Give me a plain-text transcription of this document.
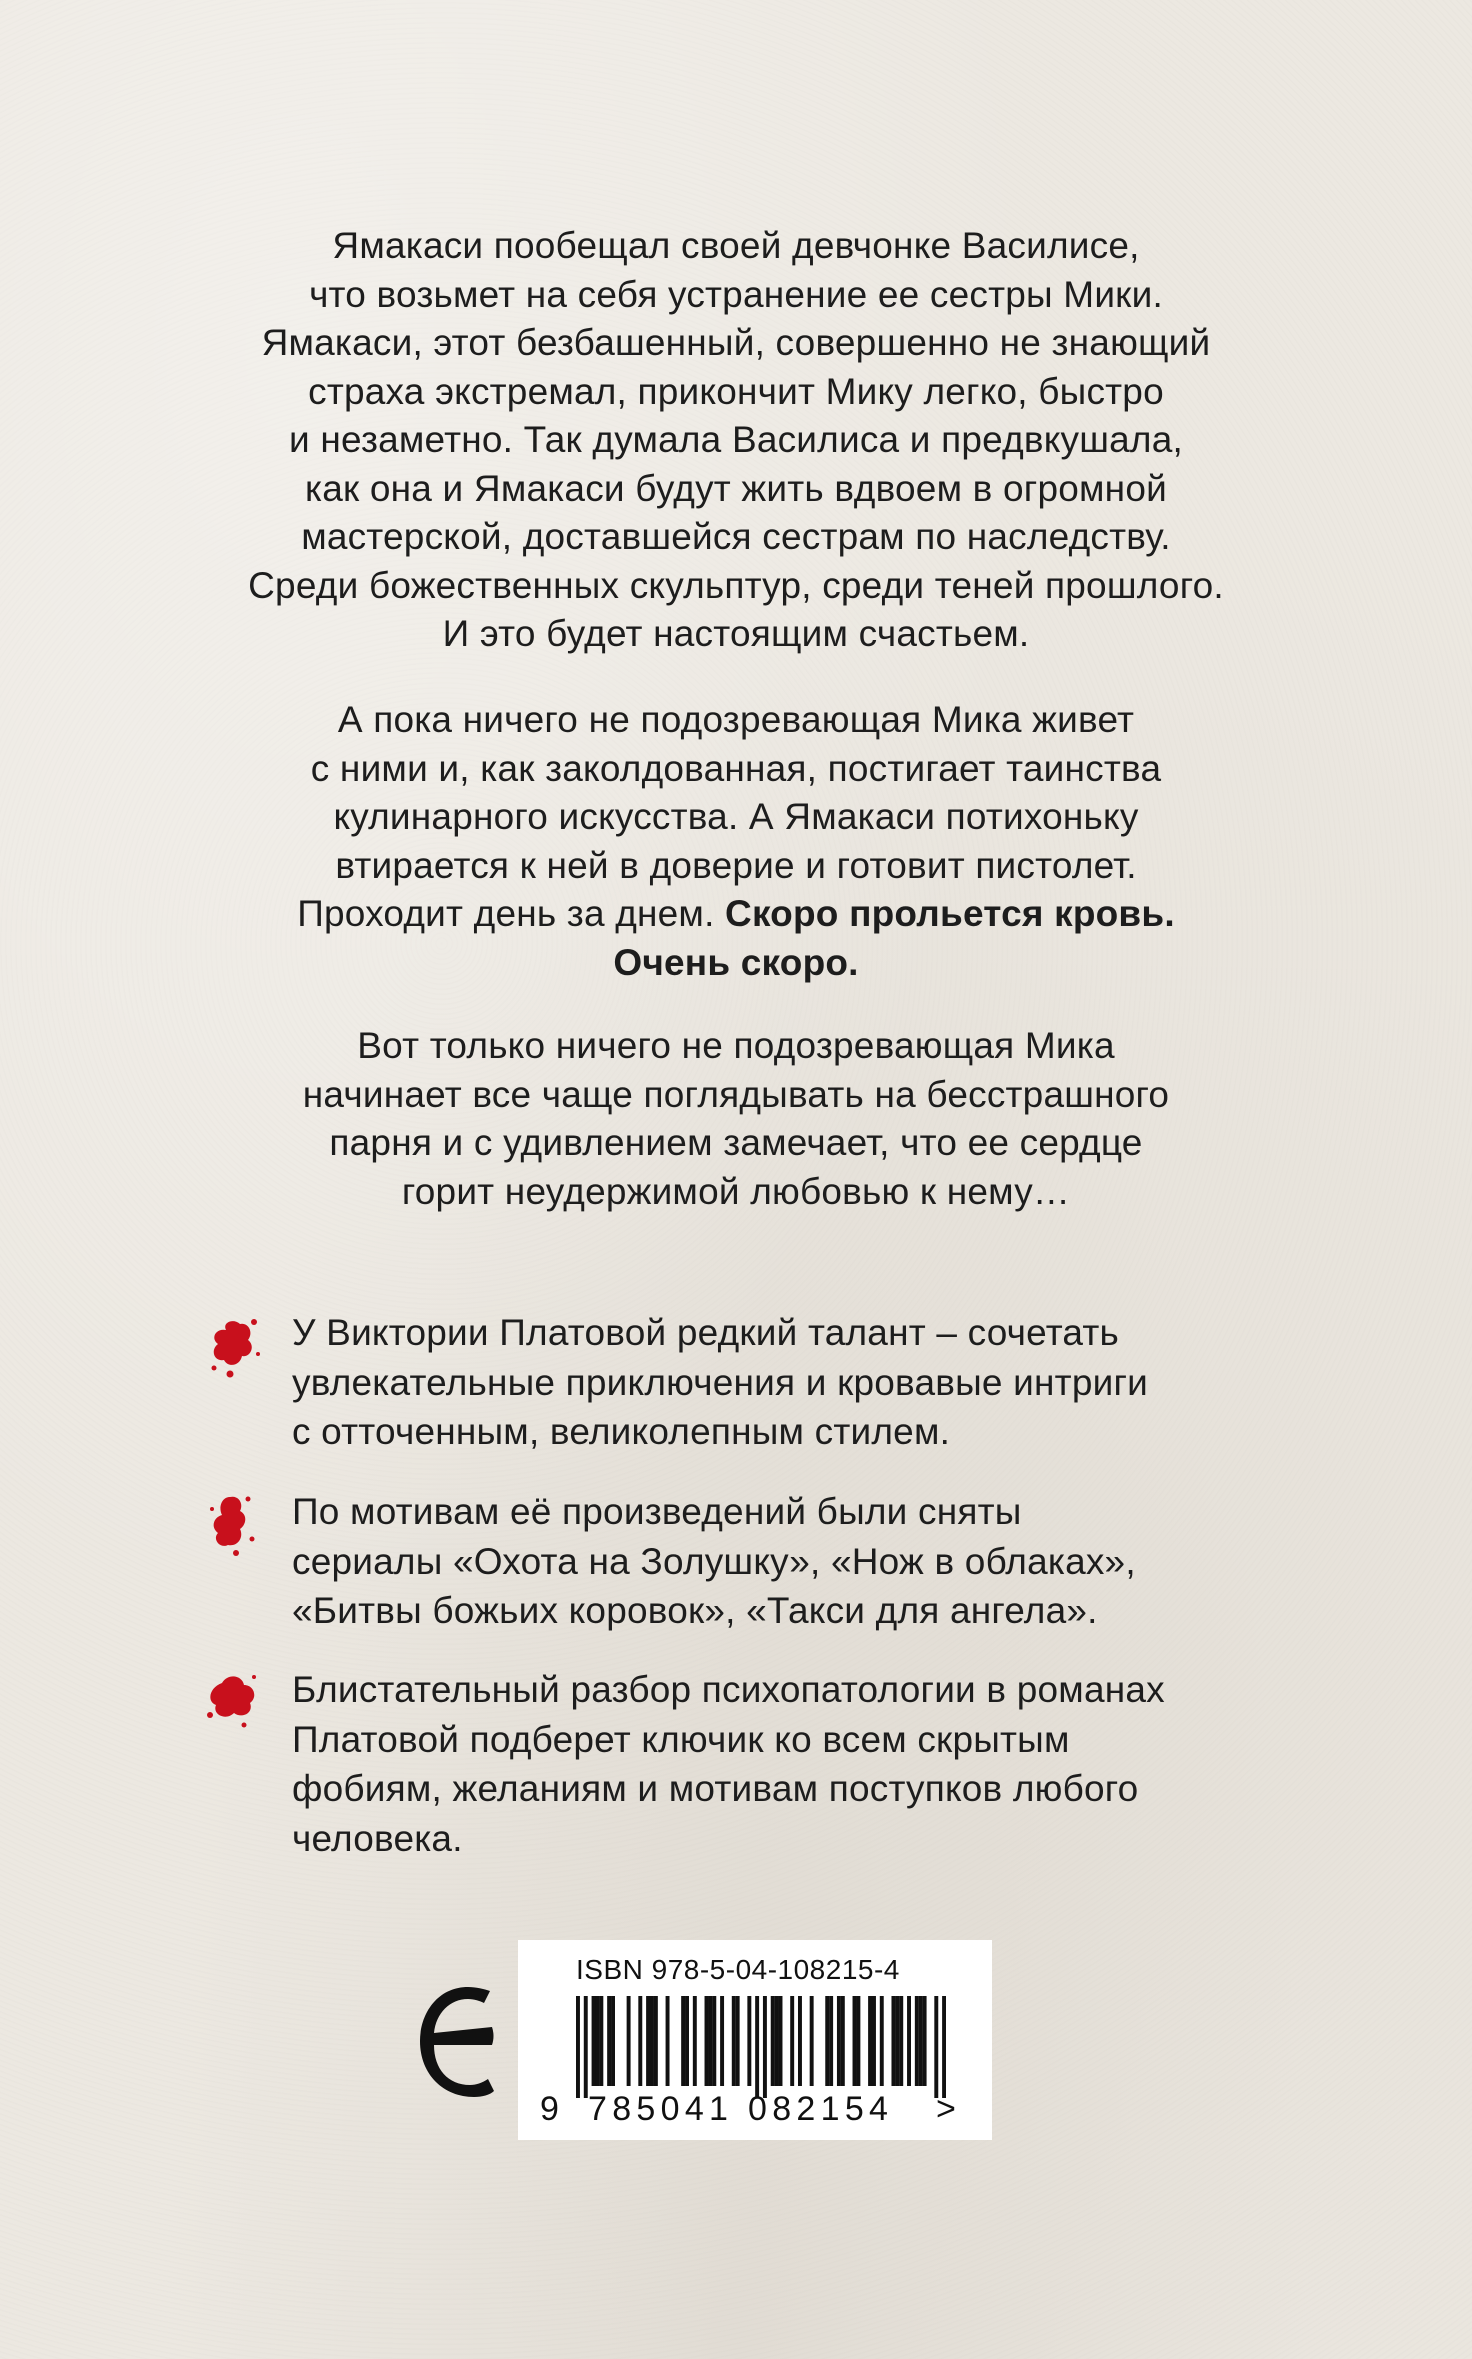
Ямакаси пообещал своей девчонке Василисе,
что возьмет на себя устранение ее сестры Мики.
Ямакаси, этот безбашенный, совершенно не знающий
страха экстремал, прикончит Мику легко, быстро
и незаметно. Так думала Василиса и предвкушала,
как она и Ямакаси будут жить вдвоем в огромной
мастерской, доставшейся сестрам по наследству.
Среди божественных скульптур, среди теней прошлого.
И это будет настоящим счастьем.

А пока ничего не подозревающая Мика живет
с ними и, как заколдованная, постигает таинства
кулинарного искусства. А Ямакаси потихоньку
втирается к ней в доверие и готовит пистолет.
Проходит день за днем. Скоро прольется кровь.
Очень скоро.

Вот только ничего не подозревающая Мика
начинает все чаще поглядывать на бесстрашного
парня и с удивлением замечает, что ее сердце
горит неудержимой любовью к нему…

У Виктории Платовой редкий талант – сочетать
увлекательные приключения и кровавые интриги
с отточенным, великолепным стилем.
По мотивам её произведений были сняты
сериалы «Охота на Золушку», «Нож в облаках»,
«Битвы божьих коровок», «Такси для ангела».
Блистательный разбор психопатологии в романах
Платовой подберет ключик ко всем скрытым
фобиям, желаниям и мотивам поступков любого
человека.
ISBN 978-5-04-108215-4
9 785041 082154 >
